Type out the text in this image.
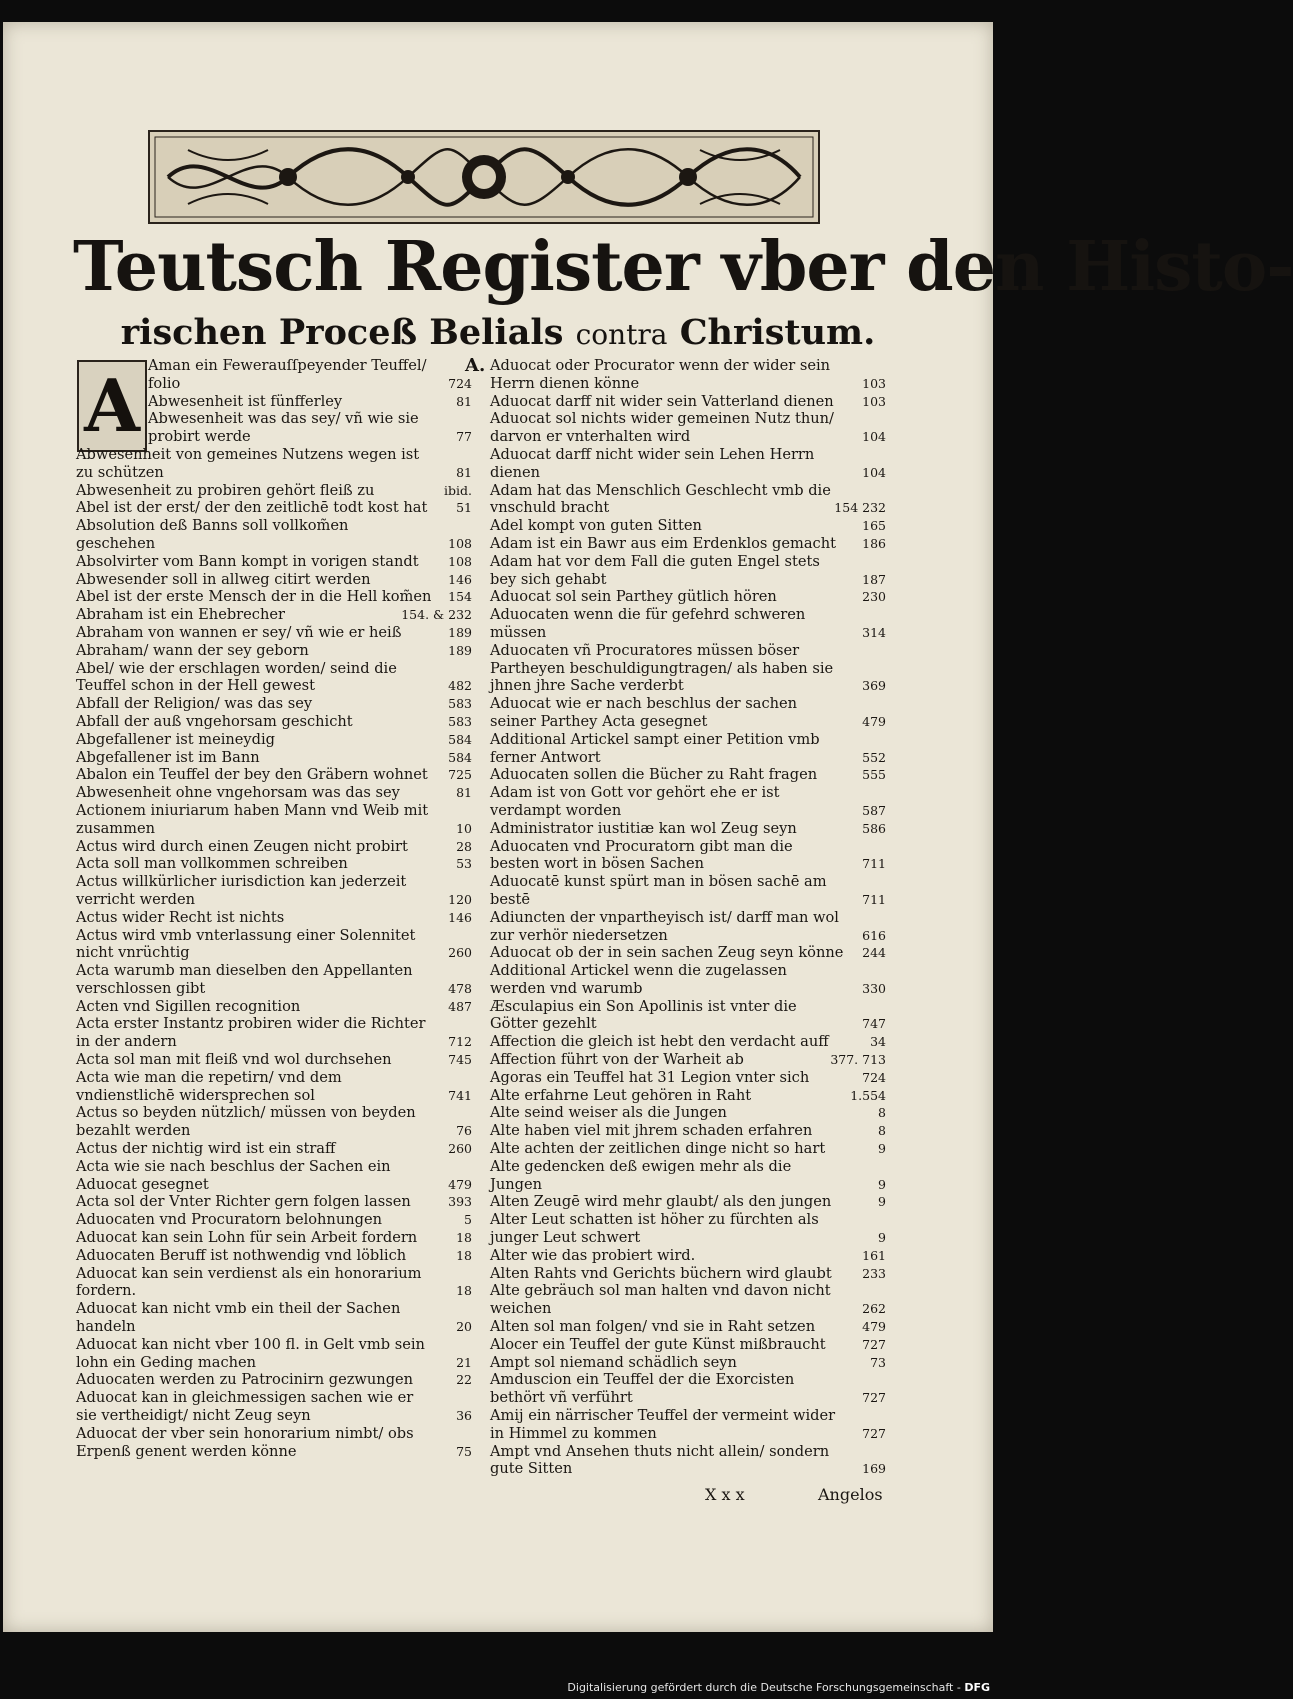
Teutsch Register vber den Histo-
rischen Proceß Belials contra Christum.
A.
A Aman ein Fewerauſſpeyender Teuffel/ folio	724
Abwesenheit ist fünfferley	81
Abwesenheit was das sey/ vñ wie sie probirt werde	77
Abwesenheit von gemeines Nutzens wegen ist zu schützen	81
Abwesenheit zu probiren gehört fleiß zu	ibid.
Abel ist der erst/ der den zeitlichē todt kost hat 51
Absolution deß Banns soll vollkom̃en geschehen	108
Absolvirter vom Bann kompt in vorigen standt 108
Abwesender soll in allweg citirt werden	146
Abel ist der erste Mensch der in die Hell kom̃en 154
Abraham ist ein Ehebrecher	154. & 232
Abraham von wannen er sey/ vñ wie er heiß	189
Abraham/ wann der sey geborn	189
Abel/ wie der erschlagen worden/ seind die Teuffel schon in der Hell gewest	482
Abfall der Religion/ was das sey	583
Abfall der auß vngehorsam geschicht	583
Abgefallener ist meineydig	584
Abgefallener ist im Bann	584
Abalon ein Teuffel der bey den Gräbern wohnet 725
Abwesenheit ohne vngehorsam was das sey	81
Actionem iniuriarum haben Mann vnd Weib mit zusammen	10
Actus wird durch einen Zeugen nicht probirt	28
Acta soll man vollkommen schreiben	53
Actus willkürlicher iurisdiction kan jederzeit verricht werden	120
Actus wider Recht ist nichts	146
Actus wird vmb vnterlassung einer Solennitet nicht vnrüchtig	260
Acta warumb man dieselben den Appellanten verschlossen gibt	478
Acten vnd Sigillen recognition	487
Acta erster Instantz probiren wider die Richter in der andern	712
Acta sol man mit fleiß vnd wol durchsehen	745
Acta wie man die repetirn/ vnd dem vndienstlichē widersprechen sol	741
Actus so beyden nützlich/ müssen von beyden bezahlt werden	76
Actus der nichtig wird ist ein straff	260
Acta wie sie nach beschlus der Sachen ein Aduocat gesegnet	479
Acta sol der Vnter Richter gern folgen lassen	393
Aduocaten vnd Procuratorn belohnungen	5
Aduocat kan sein Lohn für sein Arbeit fordern	18
Aduocaten Beruff ist nothwendig vnd löblich	18
Aduocat kan sein verdienst als ein honorarium fordern.	18
Aduocat kan nicht vmb ein theil der Sachen handeln	20
Aduocat kan nicht vber 100 fl. in Gelt vmb sein lohn ein Geding machen	21
Aduocaten werden zu Patrocinirn gezwungen	22
Aduocat kan in gleichmessigen sachen wie er sie vertheidigt/ nicht Zeug seyn	36
Aduocat der vber sein honorarium nimbt/ obs Erpenß genent werden könne	75
Aduocat oder Procurator wenn der wider sein Herrn dienen könne	103
Aduocat darff nit wider sein Vatterland dienen 103
Aduocat sol nichts wider gemeinen Nutz thun/ darvon er vnterhalten wird	104
Aduocat darff nicht wider sein Lehen Herrn dienen	104
Adam hat das Menschlich Geschlecht vmb die vnschuld bracht	154 232
Adel kompt von guten Sitten	165
Adam ist ein Bawr aus eim Erdenklos gemacht 186
Adam hat vor dem Fall die guten Engel stets bey sich gehabt	187
Aduocat sol sein Parthey gütlich hören	230
Aduocaten wenn die für gefehrd schweren müssen	314
Aduocaten vñ Procuratores müssen böser Partheyen beschuldigungtragen/ als haben sie jhnen jhre Sache verderbt	369
Aduocat wie er nach beschlus der sachen seiner Parthey Acta gesegnet	479
Additional Artickel sampt einer Petition vmb ferner Antwort	552
Aduocaten sollen die Bücher zu Raht fragen	555
Adam ist von Gott vor gehört ehe er ist verdampt worden	587
Administrator iustitiæ kan wol Zeug seyn	586
Aduocaten vnd Procuratorn gibt man die besten wort in bösen Sachen	711
Aduocatē kunst spürt man in bösen sachē am bestē	711
Adiuncten der vnpartheyisch ist/ darff man wol zur verhör niedersetzen	616
Aduocat ob der in sein sachen Zeug seyn könne 244
Additional Artickel wenn die zugelassen werden vnd warumb	330
Æsculapius ein Son Apollinis ist vnter die Götter gezehlt	747
Affection die gleich ist hebt den verdacht auff	34
Affection führt von der Warheit ab	377. 713
Agoras ein Teuffel hat 31 Legion vnter sich	724
Alte erfahrne Leut gehören in Raht	1.554
Alte seind weiser als die Jungen	8
Alte haben viel mit jhrem schaden erfahren	8
Alte achten der zeitlichen dinge nicht so hart	9
Alte gedencken deß ewigen mehr als die Jungen	9
Alten Zeugē wird mehr glaubt/ als den jungen	9
Alter Leut schatten ist höher zu fürchten als junger Leut schwert	9
Alter wie das probiert wird.	161
Alten Rahts vnd Gerichts büchern wird glaubt 233
Alte gebräuch sol man halten vnd davon nicht weichen	262
Alten sol man folgen/ vnd sie in Raht setzen	479
Alocer ein Teuffel der gute Künst mißbraucht	727
Ampt sol niemand schädlich seyn	73
Amduscion ein Teuffel der die Exorcisten bethört vñ verführt	727
Amij ein närrischer Teuffel der vermeint wider in Himmel zu kommen	727
Ampt vnd Ansehen thuts nicht allein/ sondern gute Sitten	169
X x x	Angelos
Digitalisierung gefördert durch die Deutsche Forschungsgemeinschaft - DFG
